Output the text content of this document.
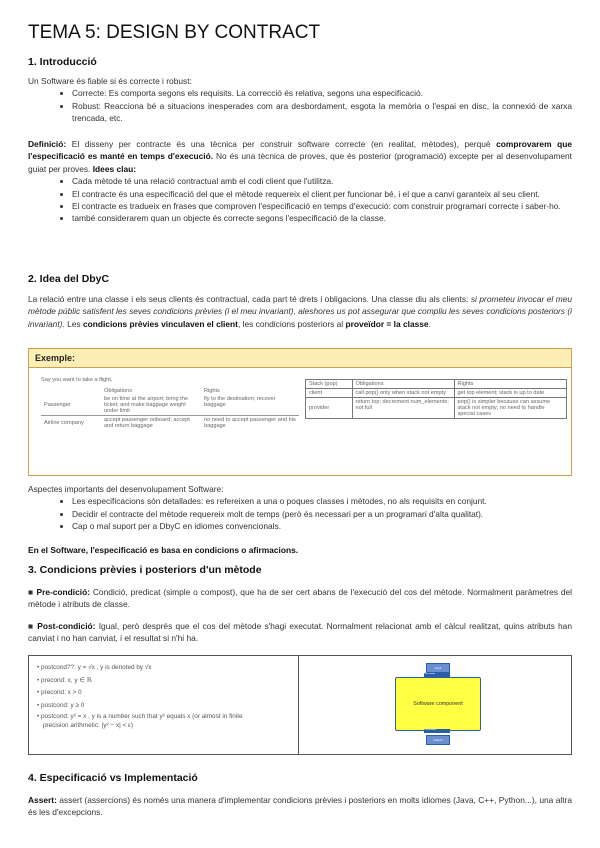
TEMA 5: DESIGN BY CONTRACT
1. Introducció

Un Software és fiable si és correcte i robust:

• Correcte: Es comporta segons els requisits. La correcció és relativa, segons una especificació.
• Robust: Reacciona bé a situacions inesperades com ara desbordament, esgota la memòria o l'espai en disc, la connexió de xarxa trencada, etc.

Definició: El disseny per contracte és una tècnica per construir software correcte (en realitat, mètodes), perquè comprovarem que l'especificació es manté en temps d'execució. No és una tècnica de proves, que és posterior (programació) excepte per al desenvolupament guiat per proves. Idees clau:

• Cada mètode té una relació contractual amb el codi client que l'utilitza.
• El contracte és una especificació del que el mètode requereix el client per funcionar bé, i el que a canvi garanteix al seu client.
• El contracte es tradueix en frases que comproven l'especificació en temps d'execució: com construir programari correcte i saber-ho.
• també considerarem quan un objecte és correcte segons l'especificació de la classe.
2. Idea del DbyC

La relació entre una classe i els seus clients és contractual, cada part té drets i obligacions. Una classe diu als clients: si prometeu invocar el meu mètode públic satisfent les seves condicions prèvies (i el meu invariant), aleshores us pot assegurar que compliu les seves condicions posteriors (i invariant). Les condicions prèvies vinculaven el client, les condicions posteriors al proveïdor = la classe.

Exemple:
Say you want to take a flight,
	Obligations	Rights
Passenger	be on time at the airport; bring the ticket; and make baggage weight under limit	fly to the destination; recover baggage
Airline company	accept passenger onboard; accept and return baggage	no need to accept passenger and his baggage
Stack (pop)	Obligations	Rights
client	call pop() only when stack not empty	get top element; stack is up to date
provider	return top; decrement num_elements; not full	pop() is simpler because can assume stack not empty; no need to handle special cases

Aspectes importants del desenvolupament Software:

• Les especificacions són detallades: es refereixen a una o poques classes i mètodes, no als requisits en conjunt.
• Decidir el contracte del mètode requereix molt de temps (però és necessari per a un programari d'alta qualitat).
• Cap o mal suport per a DbyC en idiomes convencionals.

En el Software, l'especificació es basa en condicions o afirmacions.

3. Condicions prèvies i posteriors d'un mètode

■ Pre-condició: Condició, predicat (simple o compost), que ha de ser cert abans de l'execució del cos del mètode. Normalment paràmetres del mètode i atributs de classe.

■ Post-condició: Igual, però després que el cos del mètode s'hagi executat. Normalment relacionat amb el càlcul realitzat, quins atributs han canviat i no han canviat, i el resultat si n'hi ha.

• postcond??: y = √x , y is denoted by √x
• precond: x, y ∈ ℝ
• precond: x > 0
• postcond: y ≥ 0
• postcond: y² = x , y is a number such that y² equals x (or almost in finite
precision arithmetic: |y² − x| < ε)
Input
Precondition
Software component
Postcondition
Output
4. Especificació vs Implementació

Assert: assert (assercions) és només una manera d'implementar condicions prèvies i posteriors en molts idiomes (Java, C++, Python...), una altra és les d'excepcions.
